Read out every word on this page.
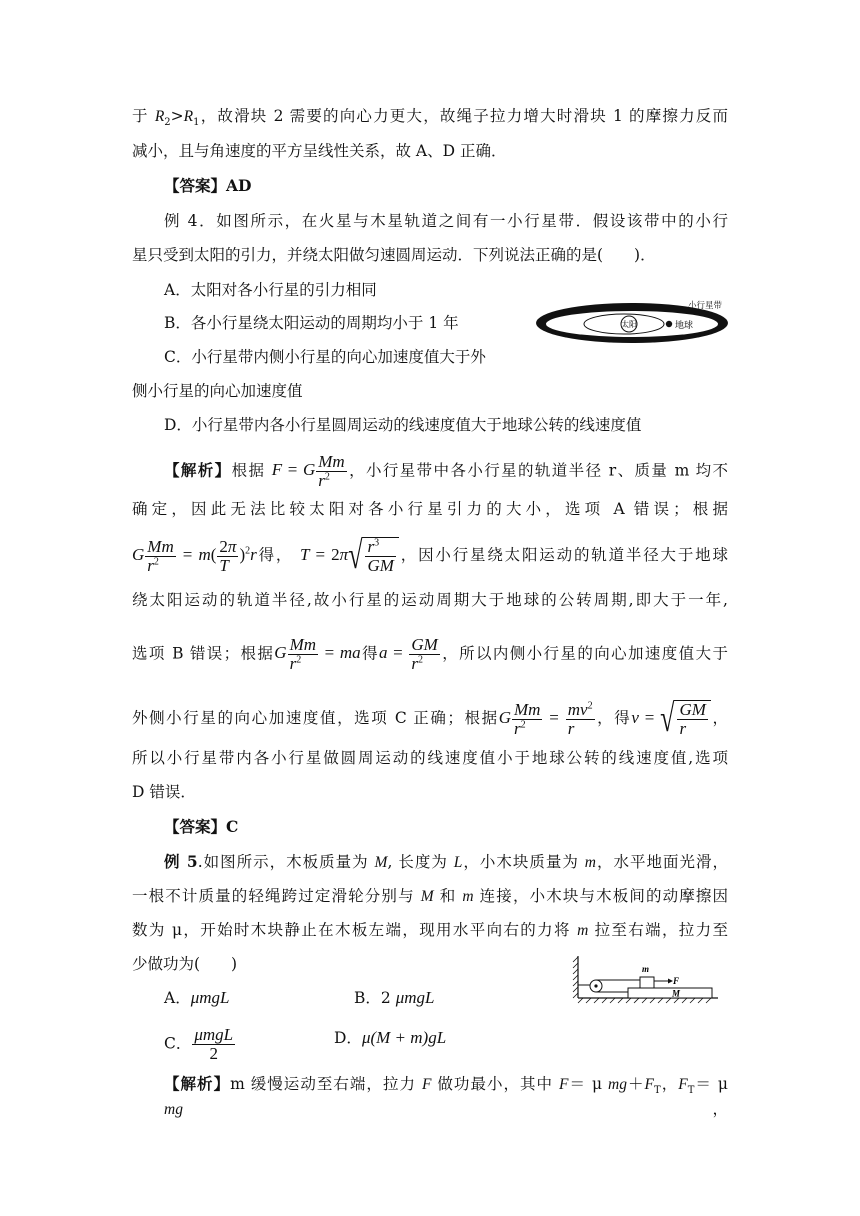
于 $R_2>R_1$，故滑块 2 需要的向心力更大，故绳子拉力增大时滑块 1 的摩擦力反而
减小，且与角速度的平方呈线性关系，故 A、D 正确．
【答案】AD
例 4．如图所示，在火星与木星轨道之间有一小行星带．假设该带中的小行
星只受到太阳的引力，并绕太阳做匀速圆周运动．下列说法正确的是(　　)．
A．太阳对各小行星的引力相同
B．各小行星绕太阳运动的周期均小于 1 年
C．小行星带内侧小行星的向心加速度值大于外
侧小行星的向心加速度值
D．小行星带内各小行星圆周运动的线速度值大于地球公转的线速度值
太阳	地球
小行星带
【解析】根据 F = G $\frac{Mm}{r^2}$ ，小行星带中各小行星的轨道半径 r、质量 m 均不
确定，因此无法比较太阳对各小行星引力的大小，选项 A 错误；根据
G $\frac{Mm}{r^2} = m( \frac{2\pi}{T} )^2r$得， $T = 2\pi√ \frac{r^3}{GM}$ ，因小行星绕太阳运动的轨道半径大于地球
绕太阳运动的轨道半径,故小行星的运动周期大于地球的公转周期,即大于一年,
选项 B 错误；根据G $\frac{Mm}{r^2}$ = ma得$a = \frac{GM}{r^2}$ ，所以内侧小行星的向心加速度值大于
外侧小行星的向心加速度值，选项 C 正确；根据G $\frac{Mm}{r^2} = \frac{mv^2}{r}$ ，得v = √ $\frac{GM}{r}$ ，
所以小行星带内各小行星做圆周运动的线速度值小于地球公转的线速度值,选项
D 错误．
【答案】C
例 5.如图所示，木板质量为 M, 长度为 L，小木块质量为 m，水平地面光滑，
一根不计质量的轻绳跨过定滑轮分别与 M 和 m 连接，小木块与木板间的动摩擦因
数为 μ，开始时木块静止在木板左端，现用水平向右的力将 m 拉至右端，拉力至
少做功为(　　)
A．μmgL	B．2 μmgL
C． μmgL
2
D．μ(M + m)gL
m
F
M
【解析】m 缓慢运动至右端，拉力 F 做功最小，其中 F＝ μ $mg+F_T$，$F_T= \mu$ mg，
